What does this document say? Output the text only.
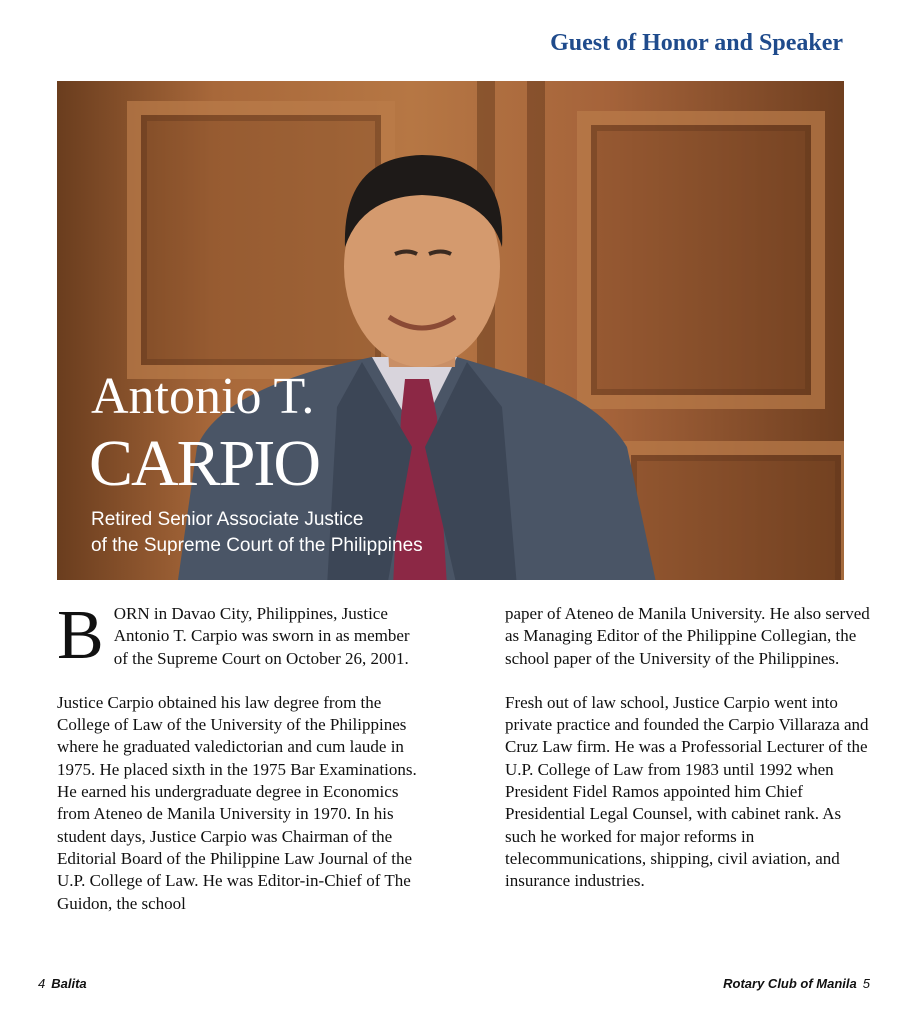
Guest of Honor and Speaker
Antonio T.
CARPIO
Retired Senior Associate Justice
of the Supreme Court of the Philippines

BORN in Davao City, Philippines, Justice Antonio T. Carpio was sworn in as member of the Supreme Court on October 26, 2001.

Justice Carpio obtained his law degree from the College of Law of the University of the Philippines where he graduated valedictorian and cum laude in 1975. He placed sixth in the 1975 Bar Examinations. He earned his undergraduate degree in Economics from Ateneo de Manila University in 1970. In his student days, Justice Carpio was Chairman of the Editorial Board of the Philippine Law Journal of the U.P. College of Law. He was Editor-in-Chief of The Guidon, the school

paper of Ateneo de Manila University. He also served as Managing Editor of the Philippine Collegian, the school paper of the University of the Philippines.

Fresh out of law school, Justice Carpio went into private practice and founded the Carpio Villaraza and Cruz Law firm. He was a Professorial Lecturer of the U.P. College of Law from 1983 until 1992 when President Fidel Ramos appointed him Chief Presidential Legal Counsel, with cabinet rank. As such he worked for major reforms in telecommunications, shipping, civil aviation, and insurance industries.

4 Balita	Rotary Club of Manila 5
